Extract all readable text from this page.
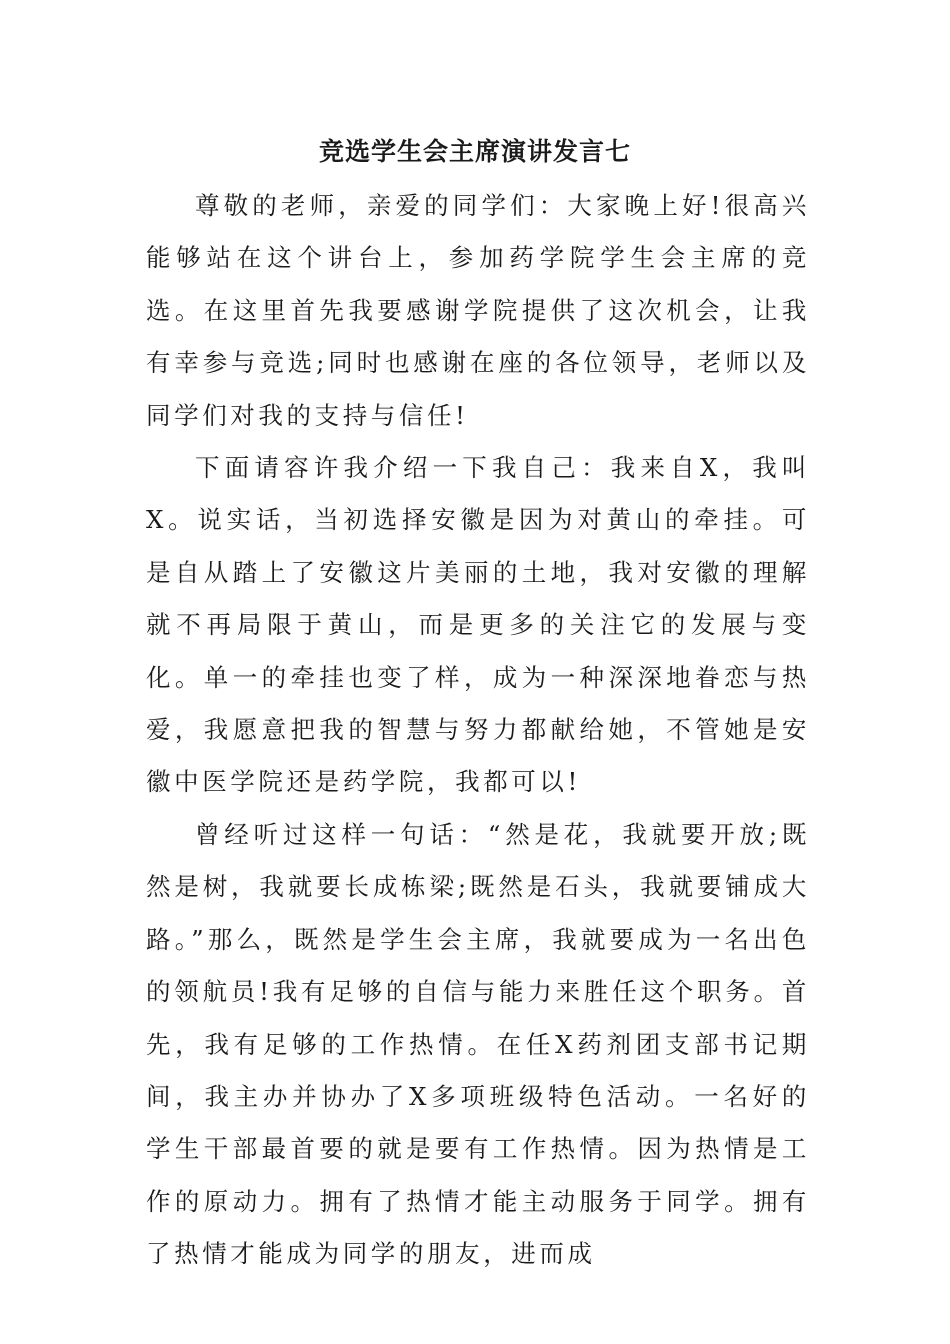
竞选学生会主席演讲发言七

尊敬的老师，亲爱的同学们：大家晚上好!很高兴能够站在这个讲台上，参加药学院学生会主席的竞选。在这里首先我要感谢学院提供了这次机会，让我有幸参与竞选;同时也感谢在座的各位领导，老师以及同学们对我的支持与信任!

下面请容许我介绍一下我自己：我来自X，我叫X。说实话，当初选择安徽是因为对黄山的牵挂。可是自从踏上了安徽这片美丽的土地，我对安徽的理解就不再局限于黄山，而是更多的关注它的发展与变化。单一的牵挂也变了样，成为一种深深地眷恋与热爱，我愿意把我的智慧与努力都献给她，不管她是安徽中医学院还是药学院，我都可以!

曾经听过这样一句话：“然是花，我就要开放;既然是树，我就要长成栋梁;既然是石头，我就要铺成大路。”那么，既然是学生会主席，我就要成为一名出色的领航员!我有足够的自信与能力来胜任这个职务。首先，我有足够的工作热情。在任X药剂团支部书记期间，我主办并协办了X多项班级特色活动。一名好的学生干部最首要的就是要有工作热情。因为热情是工作的原动力。拥有了热情才能主动服务于同学。拥有了热情才能成为同学的朋友，进而成
